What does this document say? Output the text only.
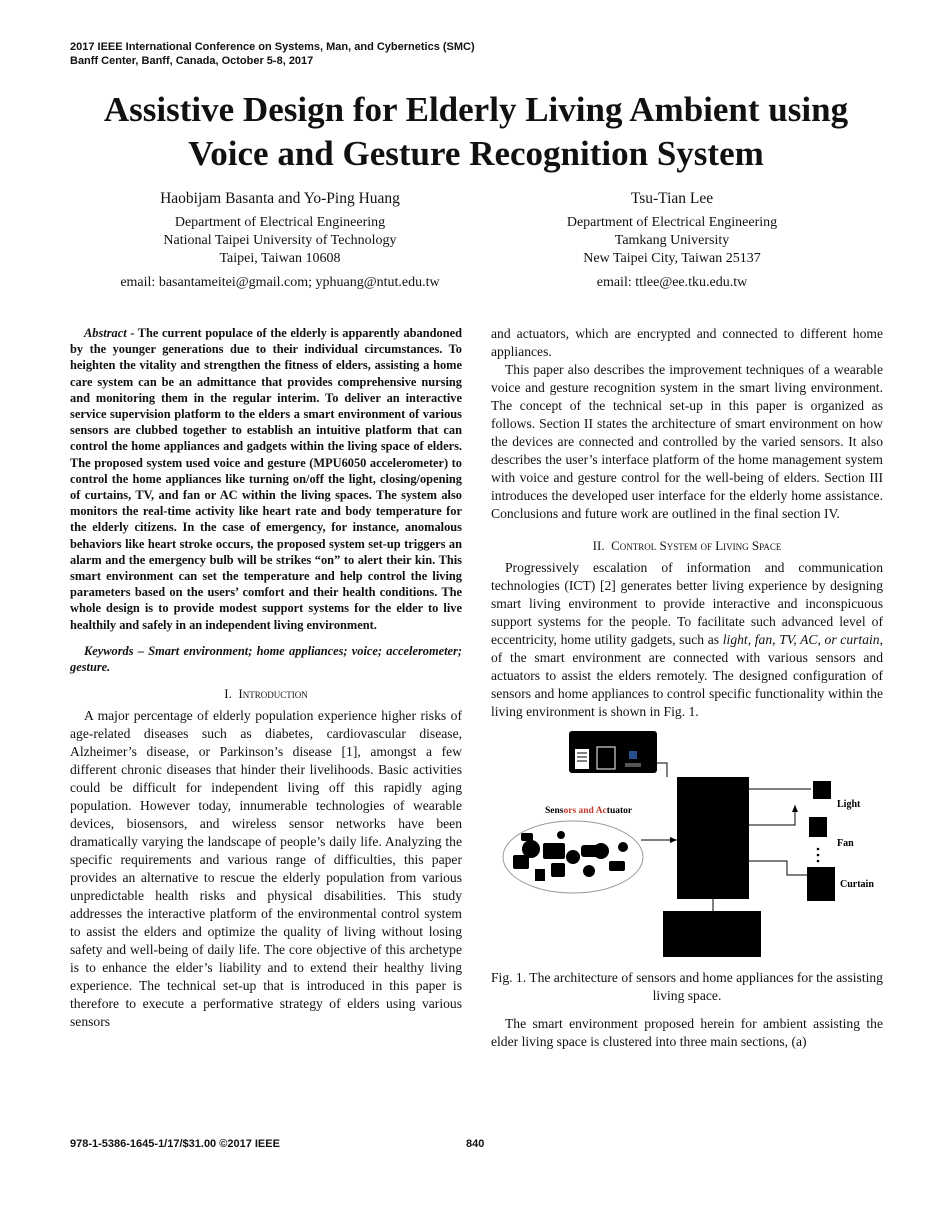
2017 IEEE International Conference on Systems, Man, and Cybernetics (SMC)
Banff Center, Banff, Canada, October 5-8, 2017
Assistive Design for Elderly Living Ambient using
Voice and Gesture Recognition System
Haobijam Basanta and Yo-Ping Huang
Department of Electrical Engineering
National Taipei University of Technology
Taipei, Taiwan 10608
email: basantameitei@gmail.com; yphuang@ntut.edu.tw
Tsu-Tian Lee
Department of Electrical Engineering
Tamkang University
New Taipei City, Taiwan 25137
email: ttlee@ee.tku.edu.tw

Abstract - The current populace of the elderly is apparently abandoned by the younger generations due to their individual circumstances. To heighten the vitality and strengthen the fitness of elders, assisting a home care system can be an admittance that provides comprehensive nursing and monitoring them in the regular interim. To deliver an interactive service supervision platform to the elders a smart environment of various sensors are clubbed together to establish an intuitive platform that can control the home appliances and gadgets within the living space of elders. The proposed system used voice and gesture (MPU6050 accelerometer) to control the home appliances like turning on/off the light, closing/opening of curtains, TV, and fan or AC within the living spaces. The system also monitors the real-time activity like heart rate and body temperature for the elderly citizens. In the case of emergency, for instance, anomalous behaviors like heart stroke occurs, the proposed system set-up triggers an alarm and the emergency bulb will be strikes “on” to alert their kin. This smart environment can set the temperature and help control the living parameters based on the users’ comfort and their health conditions. The whole design is to provide modest support systems for the elder to live healthily and safely in an independent living environment.

Keywords – Smart environment; home appliances; voice; accelerometer; gesture.

I. Introduction

A major percentage of elderly population experience higher risks of age-related diseases such as diabetes, cardiovascular disease, Alzheimer’s disease, or Parkinson’s disease [1], amongst a few different chronic diseases that hinder their livelihoods. Basic activities could be difficult for independent living off this rapidly aging population. However today, innumerable technologies of wearable devices, biosensors, and wireless sensor networks have been dramatically varying the landscape of people’s daily life. Analyzing the specific requirements and various range of difficulties, this paper provides an alternative to rescue the elderly population from various unpredictable health risks and physical disabilities. This study addresses the interactive platform of the environmental control system to assist the elders and optimize the quality of living without losing safety and well-being of daily life. The core objective of this archetype is to enhance the elder’s liability and to extend their healthy living experience. The technical set-up that is introduced in this paper is therefore to execute a performative strategy of elders using various sensors

and actuators, which are encrypted and connected to different home appliances.

This paper also describes the improvement techniques of a wearable voice and gesture recognition system in the smart living environment. The concept of the technical set-up in this paper is organized as follows. Section II states the architecture of smart environment on how the devices are connected and controlled by the varied sensors. It also describes the user’s interface platform of the home management system with voice and gesture control for the well-being of elders. Section III introduces the developed user interface for the elderly home assistance. Conclusions and future work are outlined in the final section IV.

II. Control System of Living Space

Progressively escalation of information and communication technologies (ICT) [2] generates better living experience by designing smart living environment to provide interactive and inconspicuous support systems for the people. To facilitate such advanced level of eccentricity, home utility gadgets, such as light, fan, TV, AC, or curtain, of the smart environment are connected with various sensors and actuators to assist the elders remotely. The designed configuration of sensors and home appliances to control specific functionality within the living environment is shown in Fig. 1.

Light
Fan
Curtain
Sensors and Actuator

Fig. 1. The architecture of sensors and home appliances for the assisting living space.

The smart environment proposed herein for ambient assisting the elder living space is clustered into three main sections, (a)

978-1-5386-1645-1/17/$31.00 ©2017 IEEE	840
